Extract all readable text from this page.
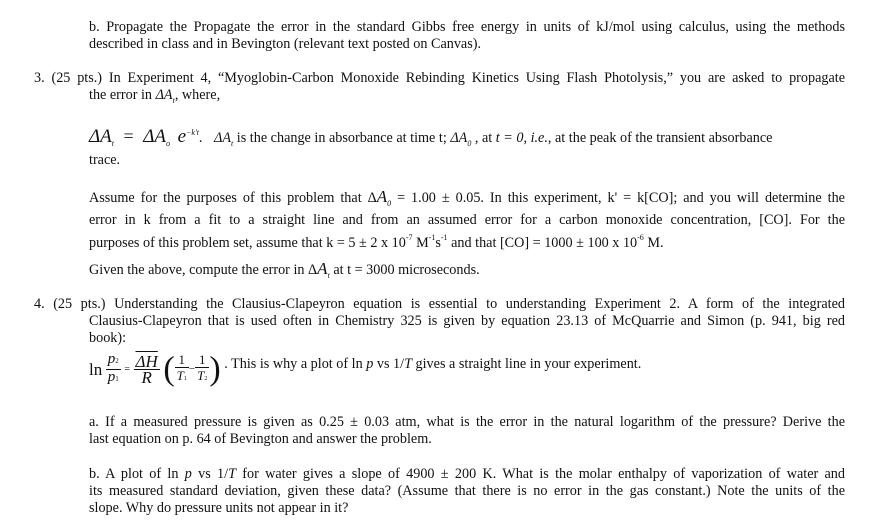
b. Propagate the Propagate the error in the standard Gibbs free energy in units of kJ/mol using calculus, using the methods
described in class and in Bevington (relevant text posted on Canvas).
3. (25 pts.) In Experiment 4, “Myoglobin-Carbon Monoxide Rebinding Kinetics Using Flash Photolysis,” you are asked to propagate
the error in $\Delta A_t$, where,
$\Delta A_t = \Delta A_o$ $e^{-k't}$. $\Delta A_t$ is the change in absorbance at time t; $\Delta A_0$ , at t = 0, i.e., at the peak of the transient absorbance
trace.
Assume for the purposes of this problem that $\Delta A_0 = 1.00 \pm 0.05$. In this experiment, k' = k[CO]; and you will determine the
error in k from a fit to a straight line and from an assumed error for a carbon monoxide concentration, [CO]. For the
purposes of this problem set, assume that k = 5 ± 2 x $10^{-7}$ $M^{-1}s^{-1}$ and that [CO] = 1000 ± 100 x $10^{-6}$ M.
Given the above, compute the error in $\Delta A_t$ at t = 3000 microseconds.
4. (25 pts.) Understanding the Clausius-Clapeyron equation is essential to understanding Experiment 2. A form of the integrated
Clausius-Clapeyron that is used often in Chemistry 325 is given by equation 23.13 of McQuarrie and Simon (p. 941, big red
book):
$\ln \frac{p2}{p1} = \frac{\overline{\Delta H}}{R}$ ( $\frac{1}{T1} - \frac{1}{T2}$ ) . This is why a plot of ln p vs 1/T gives a straight line in your experiment.
a. If a measured pressure is given as 0.25 ± 0.03 atm, what is the error in the natural logarithm of the pressure? Derive the
last equation on p. 64 of Bevington and answer the problem.
b. A plot of ln p vs 1/T for water gives a slope of 4900 ± 200 K. What is the molar enthalpy of vaporization of water and
its measured standard deviation, given these data? (Assume that there is no error in the gas constant.) Note the units of the
slope. Why do pressure units not appear in it?
